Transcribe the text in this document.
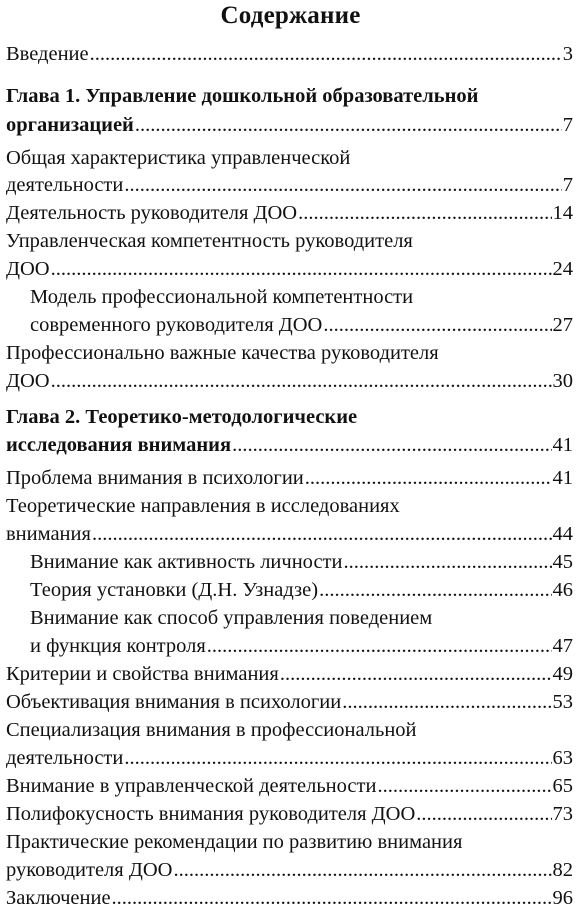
Содержание
Введение .....	3
Глава 1. Управление дошкольной образовательной
организацией .....	7
Общая характеристика управленческой
деятельности .....	7
Деятельность руководителя ДОО .....	14
Управленческая компетентность руководителя
ДОО .....	24
Модель профессиональной компетентности
современного руководителя ДОО .....	27
Профессионально важные качества руководителя
ДОО .....	30
Глава 2. Теоретико-методологические
исследования внимания .....	41
Проблема внимания в психологии .....	41
Теоретические направления в исследованиях
внимания .....	44
Внимание как активность личности .....	45
Теория установки (Д.Н. Узнадзе) .....	46
Внимание как способ управления поведением
и функция контроля .....	47
Критерии и свойства внимания .....	49
Объективация внимания в психологии .....	53
Специализация внимания в профессиональной
деятельности .....	63
Внимание в управленческой деятельности .....	65
Полифокусность внимания руководителя ДОО .....	73
Практические рекомендации по развитию внимания
руководителя ДОО .....	82
Заключение .....	96
